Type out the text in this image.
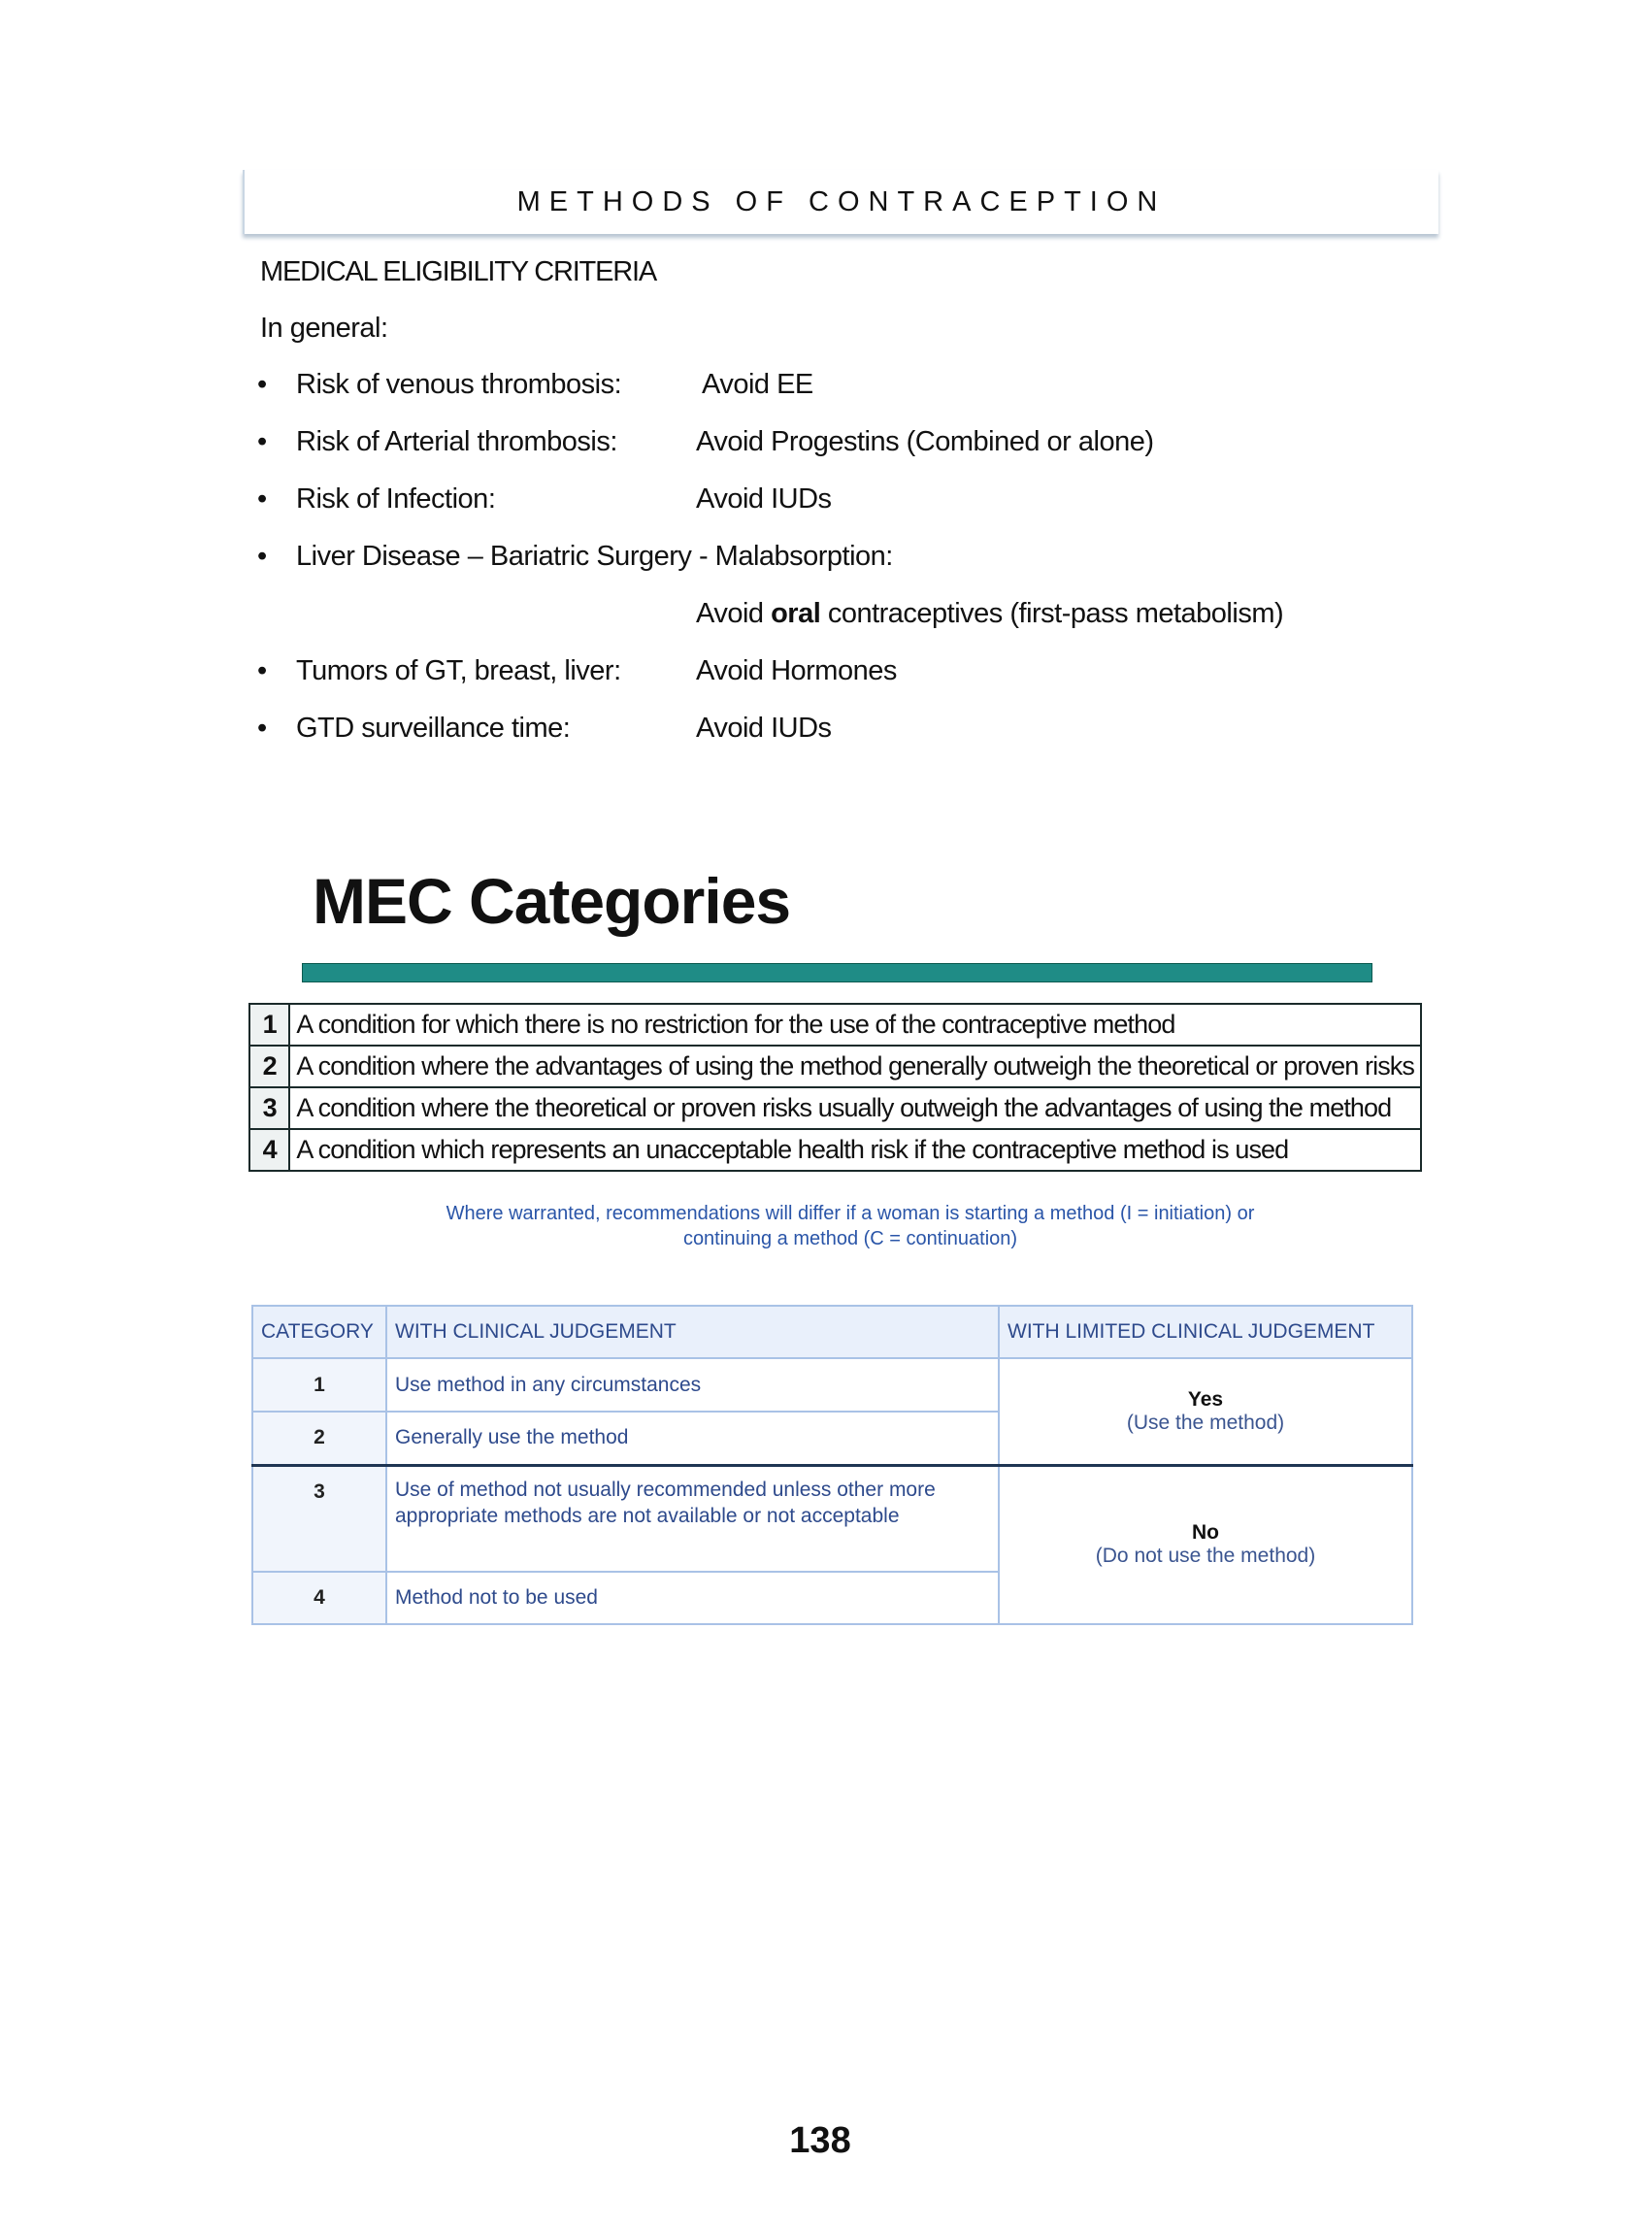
METHODS OF CONTRACEPTION
MEDICAL ELIGIBILITY CRITERIA
In general:
• Risk of venous thrombosis:	Avoid EE
• Risk of Arterial thrombosis:	Avoid Progestins (Combined or alone)
• Risk of Infection:	Avoid IUDs
• Liver Disease – Bariatric Surgery - Malabsorption:
Avoid oral contraceptives (first-pass metabolism)
• Tumors of GT, breast, liver:	Avoid Hormones
• GTD surveillance time:	Avoid IUDs
MEC Categories
1	A condition for which there is no restriction for the use of the contraceptive method
2	A condition where the advantages of using the method generally outweigh the theoretical or proven risks
3	A condition where the theoretical or proven risks usually outweigh the advantages of using the method
4	A condition which represents an unacceptable health risk if the contraceptive method is used
Where warranted, recommendations will differ if a woman is starting a method (I = initiation) or
continuing a method (C = continuation)
CATEGORY	WITH CLINICAL JUDGEMENT	WITH LIMITED CLINICAL JUDGEMENT
1	Use method in any circumstances	Yes
(Use the method)
2	Generally use the method	
3	Use of method not usually recommended unless other more appropriate methods are not available or not acceptable	No
(Do not use the method)
4	Method not to be used	
138
